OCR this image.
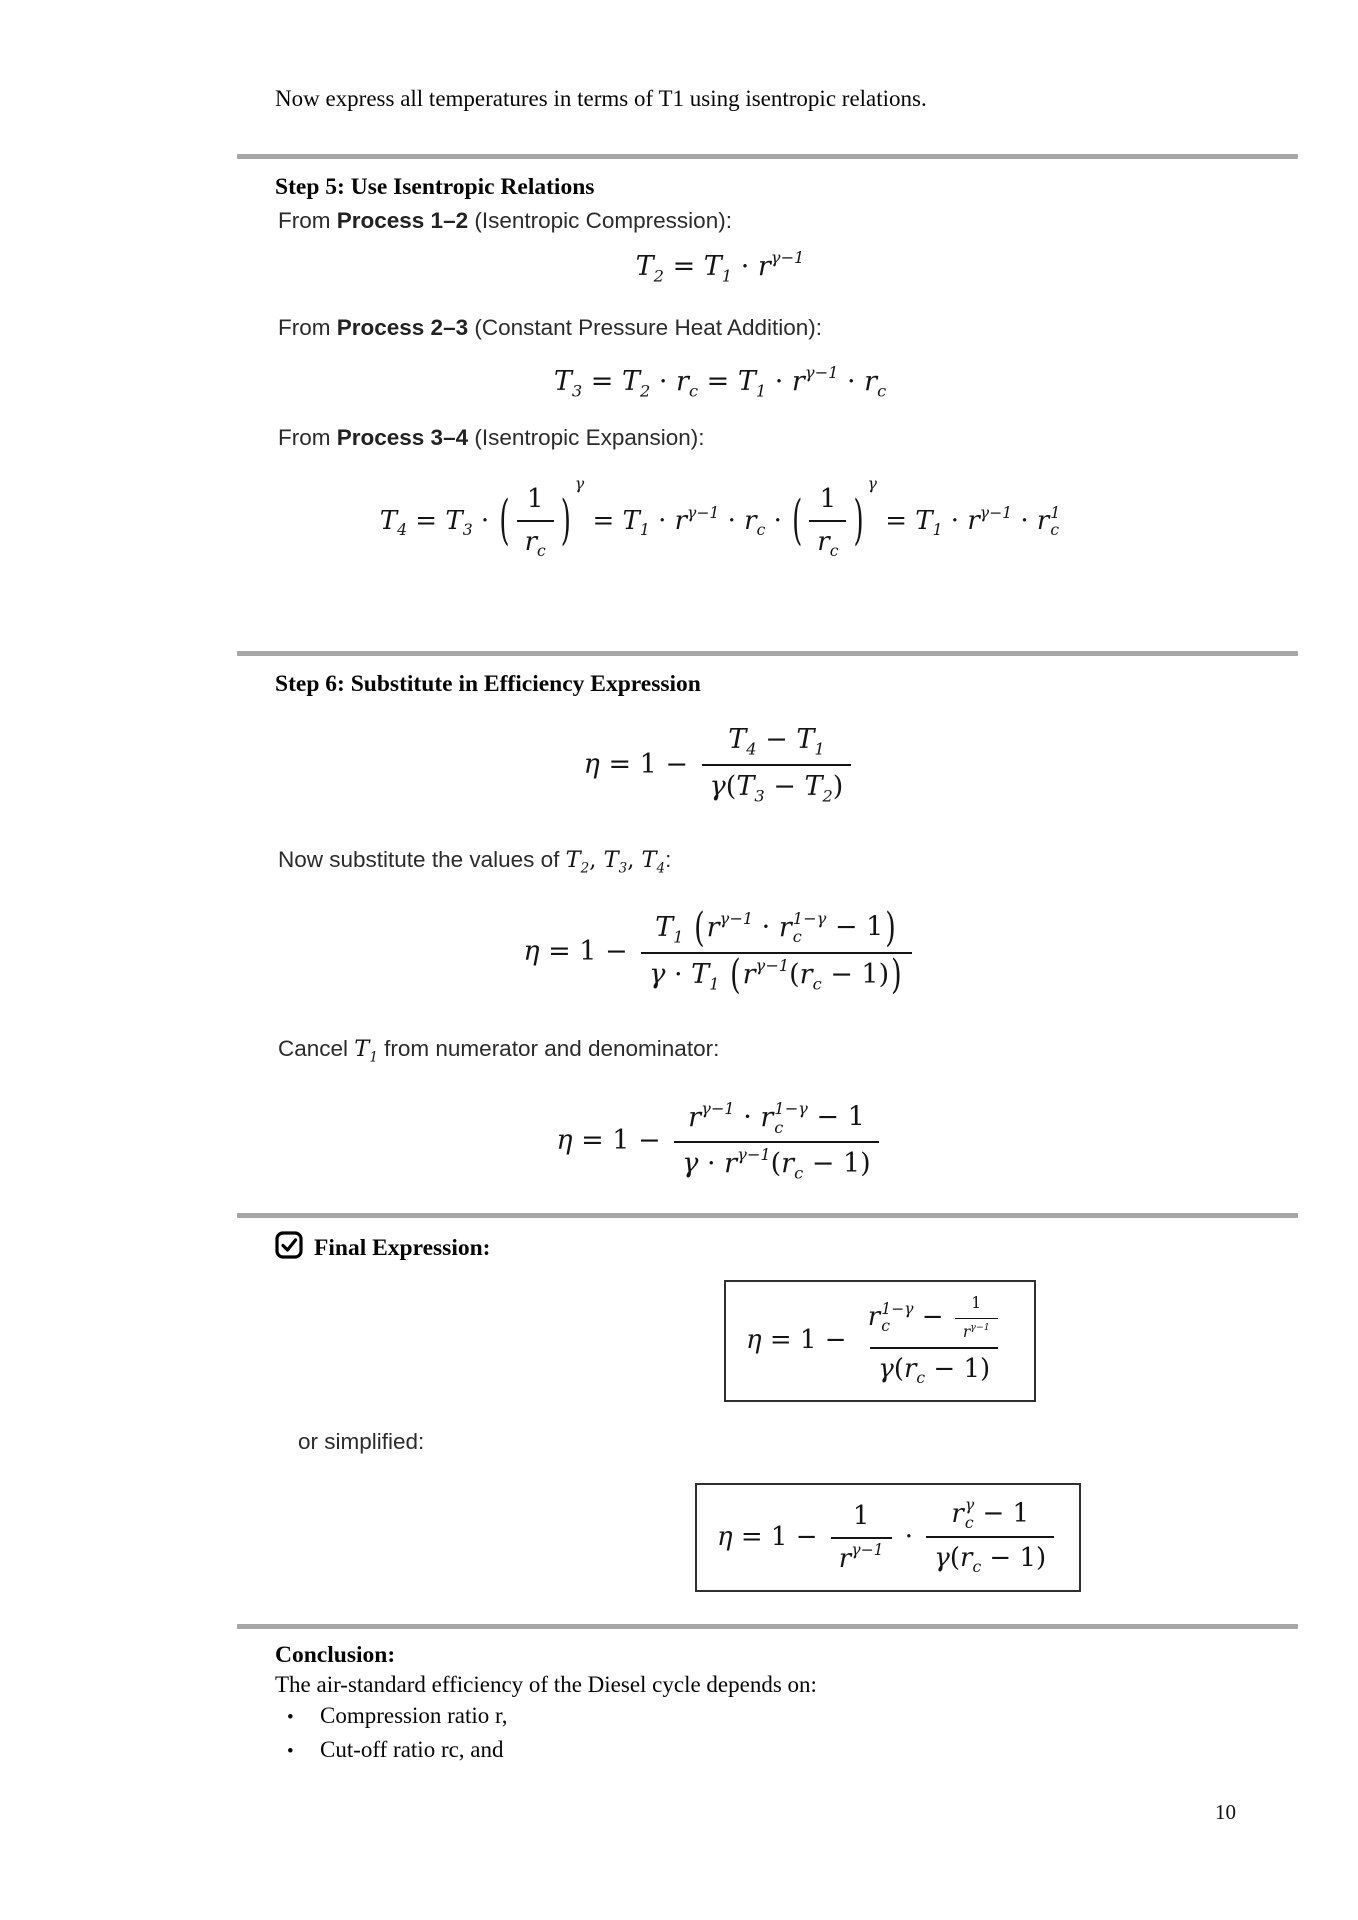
Now express all temperatures in terms of T1 using isentropic relations.

Step 5: Use Isentropic Relations

From Process 1–2 (Isentropic Compression):

$T_2 = T_1 \cdot r^{\gamma-1}$

From Process 2–3 (Constant Pressure Heat Addition):

$T_3 = T_2 \cdot r_c = T_1 \cdot r^{\gamma-1} \cdot r_c$

From Process 3–4 (Isentropic Expansion):

$T_4 = T_3$ · ( 1
$r_c$ )
γ
= $T_1 \cdot r^{\gamma-1} \cdot r_c$ · ( 1
$r_c$ )
γ
= $T_1 \cdot r^{\gamma-1} \cdot r$ 1
c
Step 6: Substitute in Efficiency Expression
$\eta = 1 - \frac{T_4 - T_1}{\gamma(T_3 - T_2)}$

Now substitute the values of $T_2$, $T_3$, $T_4$:

$\eta = 1 - T_1$ ( $r^{\gamma-1} \cdot r$ 1−γ
c − 1 )
$\gamma \cdot T_1$ ( $r^{\gamma-1}(r_c - 1)$ )

Cancel $T_1$ from numerator and denominator:

$\eta = 1 - r^{\gamma-1} \cdot r$ 1−γ
c − 1
$\gamma \cdot r^{\gamma-1}(r_c - 1)$
Final Expression:
η = 1 − r 1−γ
$c - \frac{1}{r^{\gamma-1}}$
$\gamma(r_c - 1)$

or simplified:

$\eta = 1 - \frac{1}{r^{\gamma-1}}$ ·
r γ
c − 1
$\gamma(r_c - 1)$
Conclusion:

The air-standard efficiency of the Diesel cycle depends on:

•	Compression ratio r,
•	Cut-off ratio rc, and
10
